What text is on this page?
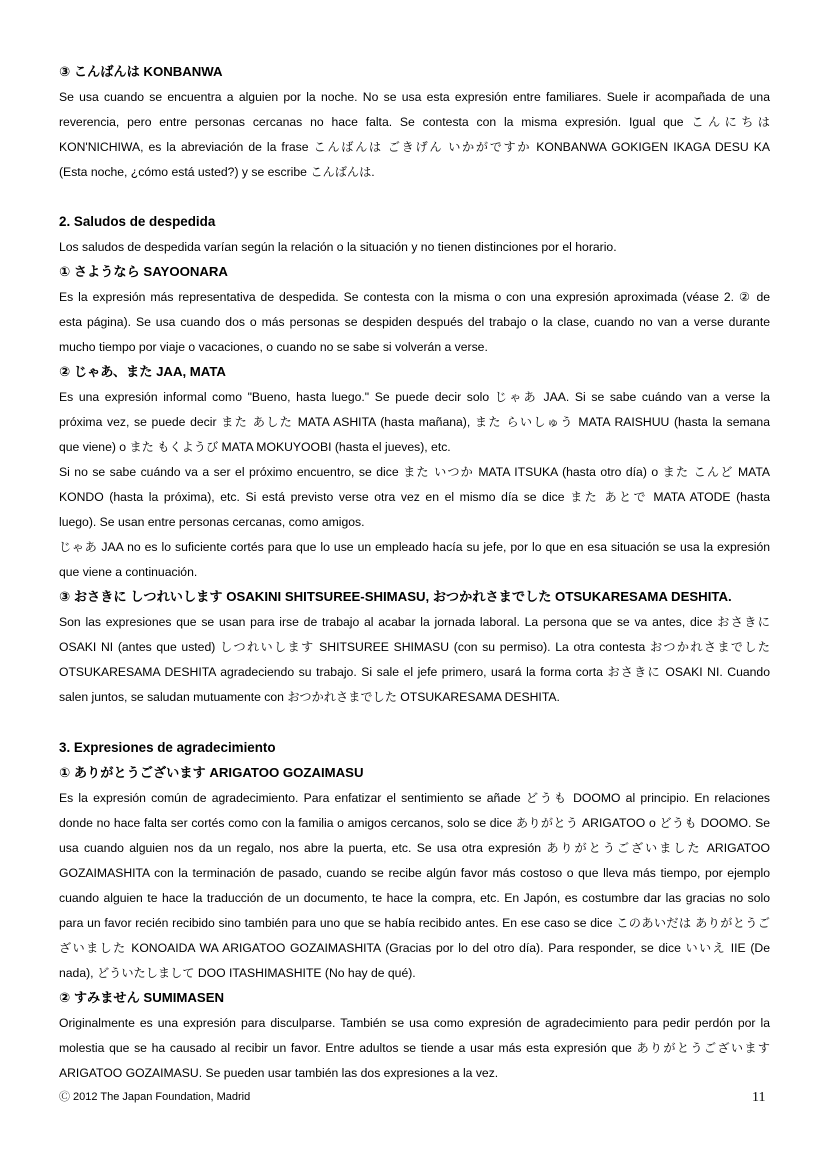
③ こんばんは KONBANWA
Se usa cuando se encuentra a alguien por la noche. No se usa esta expresión entre familiares. Suele ir acompañada de una
reverencia, pero entre personas cercanas no hace falta. Se contesta con la misma expresión. Igual que こんにちは
KON'NICHIWA, es la abreviación de la frase こんばんは ごきげん いかがですか KONBANWA GOKIGEN IKAGA DESU KA
(Esta noche, ¿cómo está usted?) y se escribe こんばんは.
2. Saludos de despedida
Los saludos de despedida varían según la relación o la situación y no tienen distinciones por el horario.
① さようなら SAYOONARA
Es la expresión más representativa de despedida. Se contesta con la misma o con una expresión aproximada (véase 2. ② de
esta página). Se usa cuando dos o más personas se despiden después del trabajo o la clase, cuando no van a verse durante
mucho tiempo por viaje o vacaciones, o cuando no se sabe si volverán a verse.
② じゃあ、また JAA, MATA
Es una expresión informal como "Bueno, hasta luego." Se puede decir solo じゃあ JAA. Si se sabe cuándo van a verse la
próxima vez, se puede decir また あした MATA ASHITA (hasta mañana), また らいしゅう MATA RAISHUU (hasta la semana
que viene) o また もくようび MATA MOKUYOOBI (hasta el jueves), etc.
Si no se sabe cuándo va a ser el próximo encuentro, se dice また いつか MATA ITSUKA (hasta otro día) o また こんど MATA
KONDO (hasta la próxima), etc. Si está previsto verse otra vez en el mismo día se dice また あとで MATA ATODE (hasta
luego). Se usan entre personas cercanas, como amigos.
じゃあ JAA no es lo suficiente cortés para que lo use un empleado hacía su jefe, por lo que en esa situación se usa la expresión
que viene a continuación.
③ おさきに しつれいします OSAKINI SHITSUREE-SHIMASU, おつかれさまでした OTSUKARESAMA DESHITA.
Son las expresiones que se usan para irse de trabajo al acabar la jornada laboral. La persona que se va antes, dice おさきに
OSAKI NI (antes que usted) しつれいします SHITSUREE SHIMASU (con su permiso). La otra contesta おつかれさまでした
OTSUKARESAMA DESHITA agradeciendo su trabajo. Si sale el jefe primero, usará la forma corta おさきに OSAKI NI. Cuando
salen juntos, se saludan mutuamente con おつかれさまでした OTSUKARESAMA DESHITA.
3. Expresiones de agradecimiento
① ありがとうございます ARIGATOO GOZAIMASU
Es la expresión común de agradecimiento. Para enfatizar el sentimiento se añade どうも DOOMO al principio. En relaciones
donde no hace falta ser cortés como con la familia o amigos cercanos, solo se dice ありがとう ARIGATOO o どうも DOOMO. Se
usa cuando alguien nos da un regalo, nos abre la puerta, etc. Se usa otra expresión ありがとうございました ARIGATOO
GOZAIMASHITA con la terminación de pasado, cuando se recibe algún favor más costoso o que lleva más tiempo, por ejemplo
cuando alguien te hace la traducción de un documento, te hace la compra, etc. En Japón, es costumbre dar las gracias no solo
para un favor recién recibido sino también para uno que se había recibido antes. En ese caso se dice このあいだは ありがとうご
ざいました KONOAIDA WA ARIGATOO GOZAIMASHITA (Gracias por lo del otro día). Para responder, se dice いいえ IIE (De
nada), どういたしまして DOO ITASHIMASHITE (No hay de qué).
② すみません SUMIMASEN
Originalmente es una expresión para disculparse. También se usa como expresión de agradecimiento para pedir perdón por la
molestia que se ha causado al recibir un favor. Entre adultos se tiende a usar más esta expresión que ありがとうございます
ARIGATOO GOZAIMASU. Se pueden usar también las dos expresiones a la vez.
Ⓒ 2012 The Japan Foundation, Madrid	11
